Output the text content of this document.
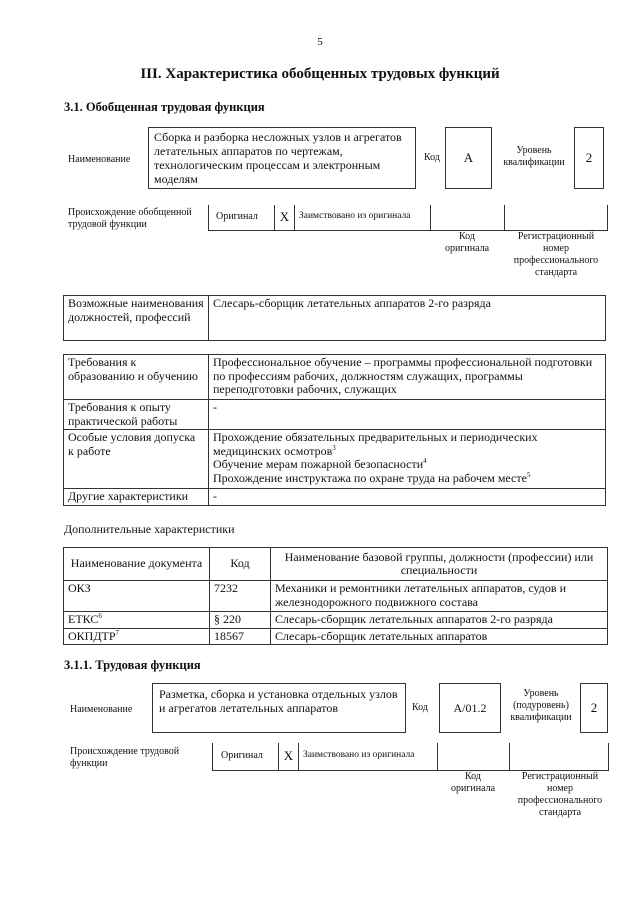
5
III. Характеристика обобщенных трудовых функций
3.1. Обобщенная трудовая функция
Наименование
Сборка и разборка несложных узлов и агрегатов летательных аппаратов по чертежам, технологическим процессам и электронным моделям
Код	А	Уровень квалификации	2
Происхождение обобщенной трудовой функции
Оригинал	Х	Заимствовано из оригинала
Код оригинала
Регистрационный номер профессионального стандарта
Возможные наименования должностей, профессий	Слесарь-сборщик летательных аппаратов 2-го разряда
Требования к образованию и обучению	Профессиональное обучение – программы профессиональной подготовки по профессиям рабочих, должностям служащих, программы переподготовки рабочих, служащих
Требования к опыту практической работы	-
Особые условия допуска к работе	Прохождение обязательных предварительных и периодических медицинских осмотров$^3$
Обучение мерам пожарной безопасности$^4$
Прохождение инструктажа по охране труда на рабочем месте$^5$

Другие характеристики	-
Дополнительные характеристики
Наименование документа	Код	Наименование базовой группы, должности (профессии) или специальности
ОКЗ	7232	Механики и ремонтники летательных аппаратов, судов и железнодорожного подвижного состава
ЕТКС$^6$	§ 220	Слесарь-сборщик летательных аппаратов 2-го разряда
ОКПДТР$^7$	18567	Слесарь-сборщик летательных аппаратов
3.1.1. Трудовая функция
Наименование
Разметка, сборка и установка отдельных узлов и агрегатов летательных аппаратов	Код	А/01.2
Уровень (подуровень) квалификации
2
Происхождение трудовой функции
Оригинал	Х	Заимствовано из оригинала
Код оригинала
Регистрационный номер профессионального стандарта
